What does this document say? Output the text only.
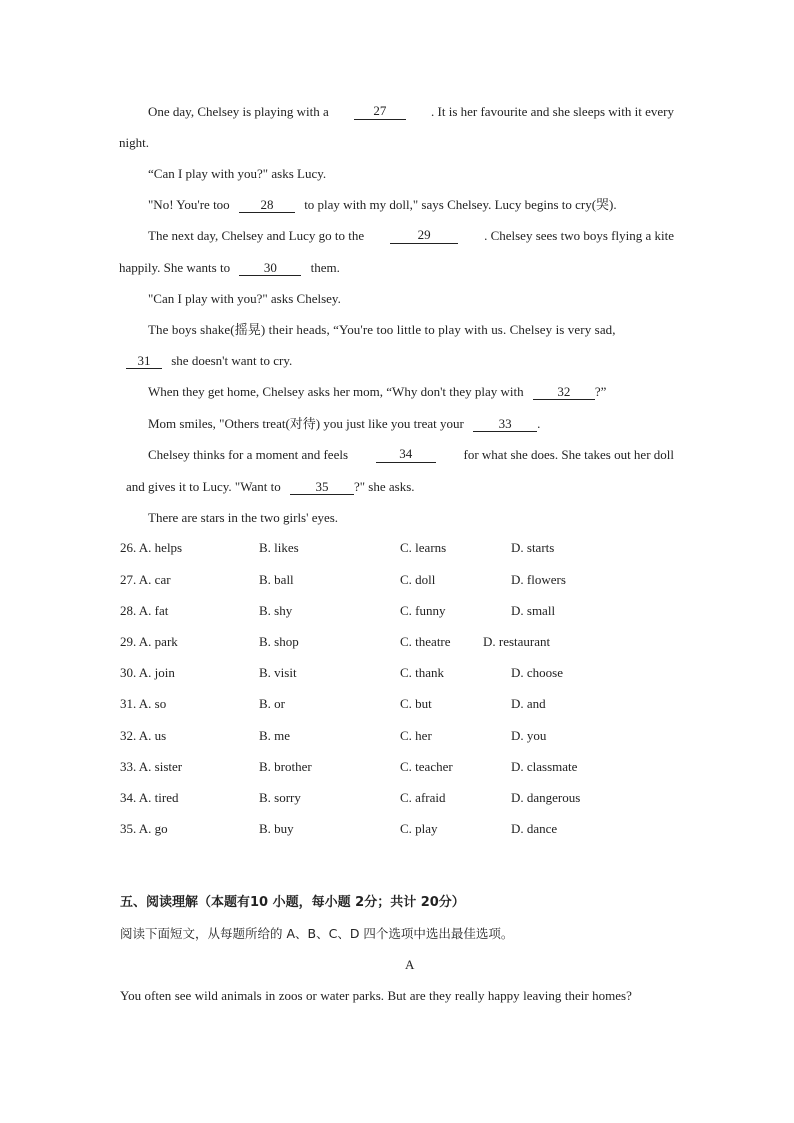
One day, Chelsey is playing with a	27	. It is her favourite and she sleeps with it every
night.
“Can I play with you?" asks Lucy.
"No! You're too 28 to play with my doll," says Chelsey. Lucy begins to cry(哭).
The next day, Chelsey and Lucy go to the	29	. Chelsey sees two boys flying a kite
happily. She wants to	30	them.
"Can I play with you?" asks Chelsey.
The boys shake(摇晃) their heads, “You're too little to play with us. Chelsey is very sad,
31 she doesn't want to cry.
When they get home, Chelsey asks her mom, “Why don't they play with	32 ?”
Mom smiles, "Others treat(对待) you just like you treat your	33 .
Chelsey thinks for a moment and feels	34	for what she does. She takes out her doll
and gives it to Lucy. "Want to	35 ?" she asks.
There are stars in the two girls' eyes.
26. A. helps	B. likes	C. learns	D. starts
27. A. car	B. ball	C. doll	D. flowers
28. A. fat	B. shy	C. funny	D. small
29. A. park	B. shop	C. theatre D. restaurant
30. A. join	B. visit	C. thank	D. choose
31. A. so	B. or	C. but	D. and
32. A. us	B. me	C. her	D. you
33. A. sister	B. brother	C. teacher	D. classmate
34. A. tired	B. sorry	C. afraid	D. dangerous
35. A. go	B. buy	C. play	D. dance
五、阅读理解（本题有10 小题，每小题 2分；共计 20分）
阅读下面短文，从每题所给的 A、B、C、D 四个选项中选出最佳选项。
A
You often see wild animals in zoos or water parks. But are they really happy leaving their homes?
